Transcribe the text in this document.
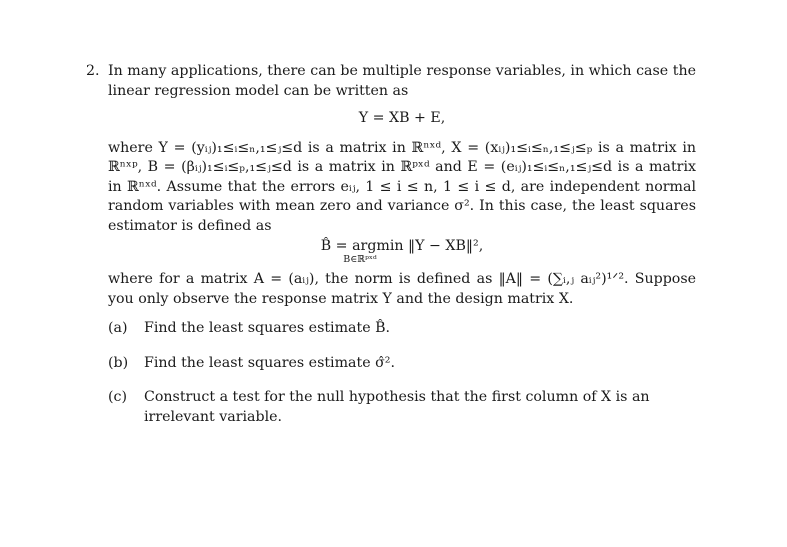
2. In many applications, there can be multiple response variables, in which case the linear regression model can be written as

Y = XB + E,

where Y = (yᵢⱼ)₁≤ᵢ≤ₙ,₁≤ⱼ≤d is a matrix in ℝⁿˣᵈ, X = (xᵢⱼ)₁≤ᵢ≤ₙ,₁≤ⱼ≤ₚ is a matrix in ℝⁿˣᵖ, B = (βᵢⱼ)₁≤ᵢ≤ₚ,₁≤ⱼ≤d is a matrix in ℝᵖˣᵈ and E = (eᵢⱼ)₁≤ᵢ≤ₙ,₁≤ⱼ≤d is a matrix in ℝⁿˣᵈ. Assume that the errors eᵢⱼ, 1 ≤ i ≤ n, 1 ≤ i ≤ d, are independent normal random variables with mean zero and variance σ². In this case, the least squares estimator is defined as

B̂ = argmin ‖Y − XB‖²,
B∈ℝᵖˣᵈ

where for a matrix A = (aᵢⱼ), the norm is defined as ‖A‖ = (∑ᵢ,ⱼ aᵢⱼ²)¹ᐟ². Suppose you only observe the response matrix Y and the design matrix X.

(a)	Find the least squares estimate B̂.
(b)	Find the least squares estimate σ̂².
(c)	Construct a test for the null hypothesis that the first column of X is an irrelevant variable.
